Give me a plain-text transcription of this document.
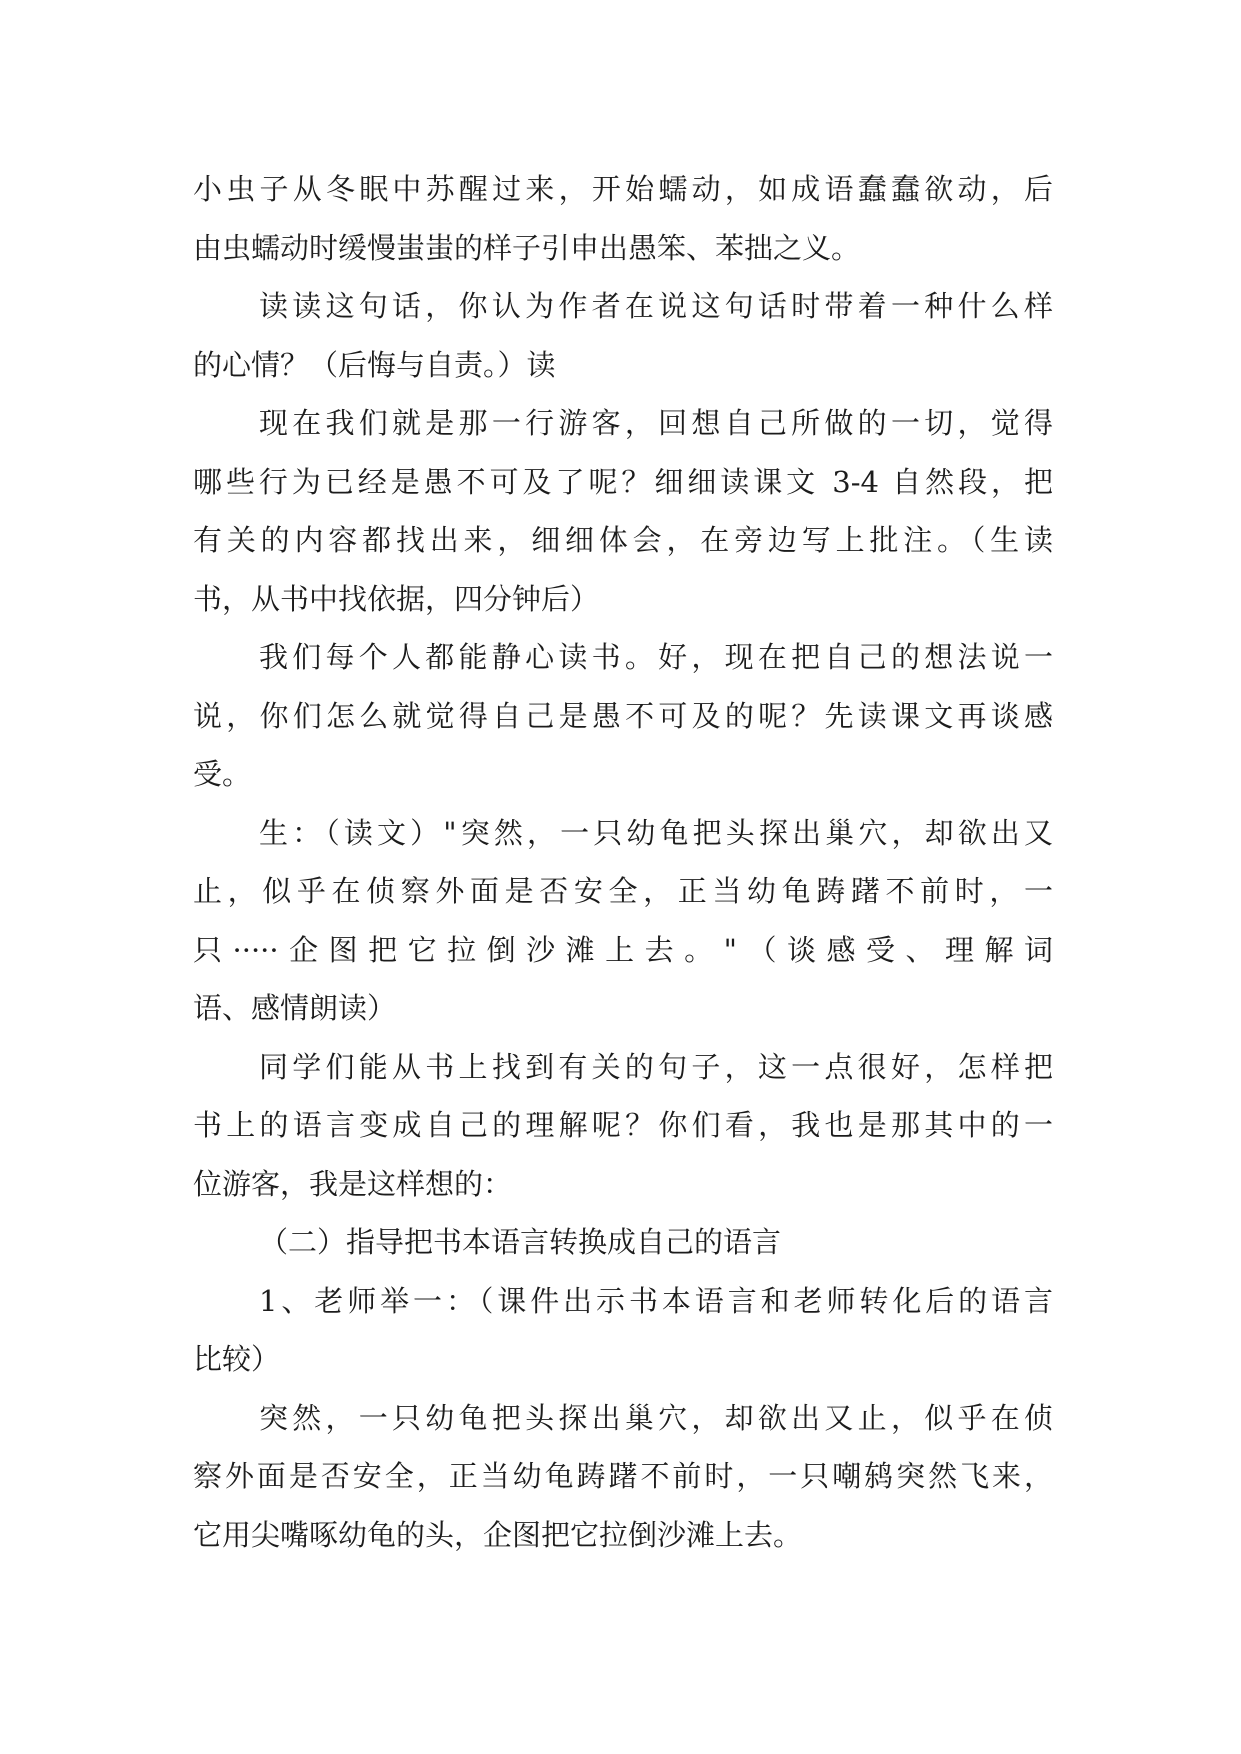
小虫子从冬眠中苏醒过来，开始蠕动，如成语蠢蠢欲动，后
由虫蠕动时缓慢蚩蚩的样子引申出愚笨、苯拙之义。
读读这句话，你认为作者在说这句话时带着一种什么样
的心情？（后悔与自责。）读
现在我们就是那一行游客，回想自己所做的一切，觉得
哪些行为已经是愚不可及了呢？细细读课文 3-4 自然段，把
有关的内容都找出来，细细体会，在旁边写上批注。（生读
书，从书中找依据，四分钟后）
我们每个人都能静心读书。好，现在把自己的想法说一
说，你们怎么就觉得自己是愚不可及的呢？先读课文再谈感
受。
生：（读文）"突然，一只幼龟把头探出巢穴，却欲出又
止，似乎在侦察外面是否安全，正当幼龟踌躇不前时，一
只·····企图把它拉倒沙滩上去。"（谈感受、理解词
语、感情朗读）
同学们能从书上找到有关的句子，这一点很好，怎样把
书上的语言变成自己的理解呢？你们看，我也是那其中的一
位游客，我是这样想的：
（二）指导把书本语言转换成自己的语言
1、老师举一：（课件出示书本语言和老师转化后的语言
比较）
突然，一只幼龟把头探出巢穴，却欲出又止，似乎在侦
察外面是否安全，正当幼龟踌躇不前时，一只嘲鸫突然飞来，
它用尖嘴啄幼龟的头，企图把它拉倒沙滩上去。
